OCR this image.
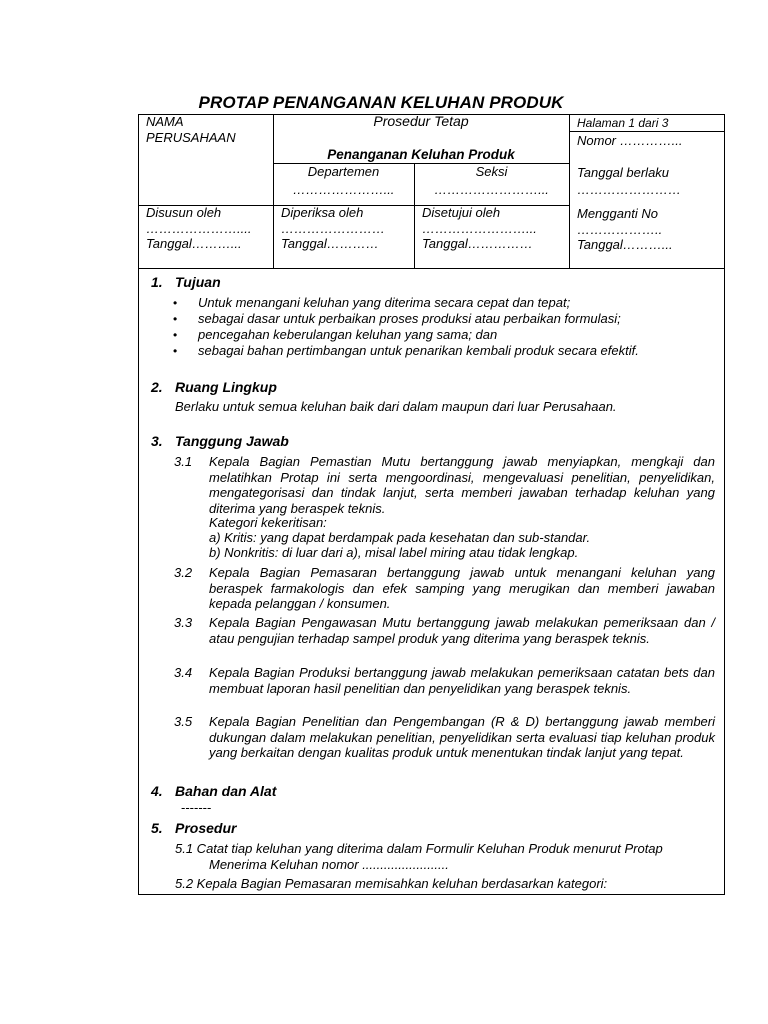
PROTAP PENANGANAN KELUHAN PRODUK
NAMA
PERUSAHAAN
Prosedur Tetap
Penanganan Keluhan Produk
Departemen
…………………...
Seksi
……………………...
Halaman 1 dari 3
Nomor …………...
Tanggal berlaku
……………………
Disusun oleh
…………………....
Tanggal………...
Diperiksa oleh
……………………
Tanggal…………
Disetujui oleh
……………………...
Tanggal……………
Mengganti No
………………..
Tanggal………...
1. Tujuan
• Untuk menangani keluhan yang diterima secara cepat dan tepat;
• sebagai dasar untuk perbaikan proses produksi atau perbaikan formulasi;
• pencegahan keberulangan keluhan yang sama; dan
• sebagai bahan pertimbangan untuk penarikan kembali produk secara efektif.
2. Ruang Lingkup
Berlaku untuk semua keluhan baik dari dalam maupun dari luar Perusahaan.
3. Tanggung Jawab
3.1 Kepala Bagian Pemastian Mutu bertanggung jawab menyiapkan, mengkaji dan melatihkan Protap ini serta mengoordinasi, mengevaluasi penelitian, penyelidikan, mengategorisasi dan tindak lanjut, serta memberi jawaban terhadap keluhan yang diterima yang beraspek teknis.
Kategori kekeritisan:
a) Kritis: yang dapat berdampak pada kesehatan dan sub-standar.
b) Nonkritis: di luar dari a), misal label miring atau tidak lengkap.
3.2 Kepala Bagian Pemasaran bertanggung jawab untuk menangani keluhan yang beraspek farmakologis dan efek samping yang merugikan dan memberi jawaban kepada pelanggan / konsumen.
3.3 Kepala Bagian Pengawasan Mutu bertanggung jawab melakukan pemeriksaan dan / atau pengujian terhadap sampel produk yang diterima yang beraspek teknis.
3.4 Kepala Bagian Produksi bertanggung jawab melakukan pemeriksaan catatan bets dan membuat laporan hasil penelitian dan penyelidikan yang beraspek teknis.
3.5 Kepala Bagian Penelitian dan Pengembangan (R & D) bertanggung jawab memberi dukungan dalam melakukan penelitian, penyelidikan serta evaluasi tiap keluhan produk yang berkaitan dengan kualitas produk untuk menentukan tindak lanjut yang tepat.
4. Bahan dan Alat
-------
5. Prosedur
5.1 Catat tiap keluhan yang diterima dalam Formulir Keluhan Produk menurut Protap
Menerima Keluhan nomor ........................
5.2 Kepala Bagian Pemasaran memisahkan keluhan berdasarkan kategori:
